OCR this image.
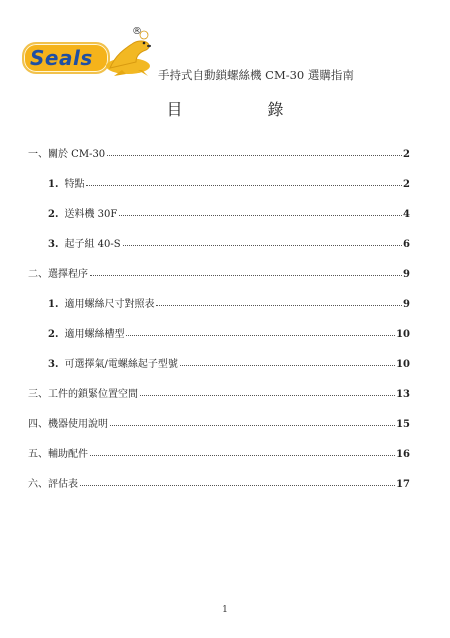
Seals
®
手持式自動鎖螺絲機 CM-30 選購指南
目 錄
一、關於 CM-30	2
1. 特點	2
2. 送料機 30F	4
3. 起子組 40-S	6
二、選擇程序	9
1. 適用螺絲尺寸對照表	9
2. 適用螺絲槽型	10
3. 可選擇氣/電螺絲起子型號	10
三、工件的鎖緊位置空間	13
四、機器使用說明	15
五、輔助配件	16
六、評估表	17
1
